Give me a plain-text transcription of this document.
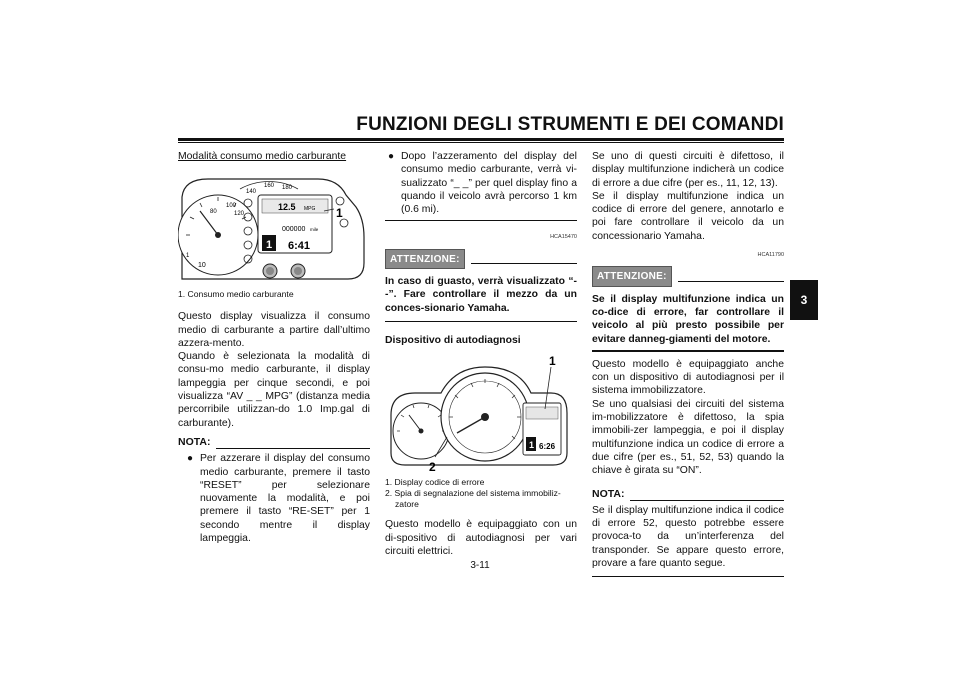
FUNZIONI DEGLI STRUMENTI E DEI COMANDI
3
Modalità consumo medio carburante
80
100
120
10
1
140
160 180
12.5 MPG
000000 mile
1 6:41
1
1. Consumo medio carburante
Questo display visualizza il consumo medio di carburante a partire dall’ultimo azzera-mento.
Quando è selezionata la modalità di consu-mo medio carburante, il display lampeggia per cinque secondi, e poi visualizza “AV _ _ MPG” (distanza media percorribile utilizzan-do 1.0 Imp.gal di carburante).
NOTA:
● Per azzerare il display del consumo medio carburante, premere il tasto “RESET” per selezionare nuovamente la modalità, e poi premere il tasto “RE-SET” per 1 secondo mentre il display lampeggia.
● Dopo l’azzeramento del display del consumo medio carburante, verrà vi-sualizzato “_ _” per quel display fino a quando il veicolo avrà percorso 1 km (0.6 mi).
HCA15470
ATTENZIONE:
In caso di guasto, verrà visualizzato “- -”. Fare controllare il mezzo da un conces-sionario Yamaha.
Dispositivo di autodiagnosi
1 6:26
1
2
1. Display codice di errore
2. Spia di segnalazione del sistema immobiliz-zatore
Questo modello è equipaggiato con un di-spositivo di autodiagnosi per vari circuiti elettrici.
Se uno di questi circuiti è difettoso, il display multifunzione indicherà un codice di errore a due cifre (per es., 11, 12, 13).
Se il display multifunzione indica un codice di errore del genere, annotarlo e poi fare controllare il veicolo da un concessionario Yamaha.
HCA11790
ATTENZIONE:
Se il display multifunzione indica un co-dice di errore, far controllare il veicolo al più presto possibile per evitare danneg-giamenti del motore.
Questo modello è equipaggiato anche con un dispositivo di autodiagnosi per il sistema immobilizzatore.
Se uno qualsiasi dei circuiti del sistema im-mobilizzatore è difettoso, la spia immobili-zer lampeggia, e poi il display multifunzione indica un codice di errore a due cifre (per es., 51, 52, 53) quando la chiave è girata su “ON”.
NOTA:
Se il display multifunzione indica il codice di errore 52, questo potrebbe essere provoca-to da un’interferenza del transponder. Se appare questo errore, provare a fare quanto segue.
3-11
